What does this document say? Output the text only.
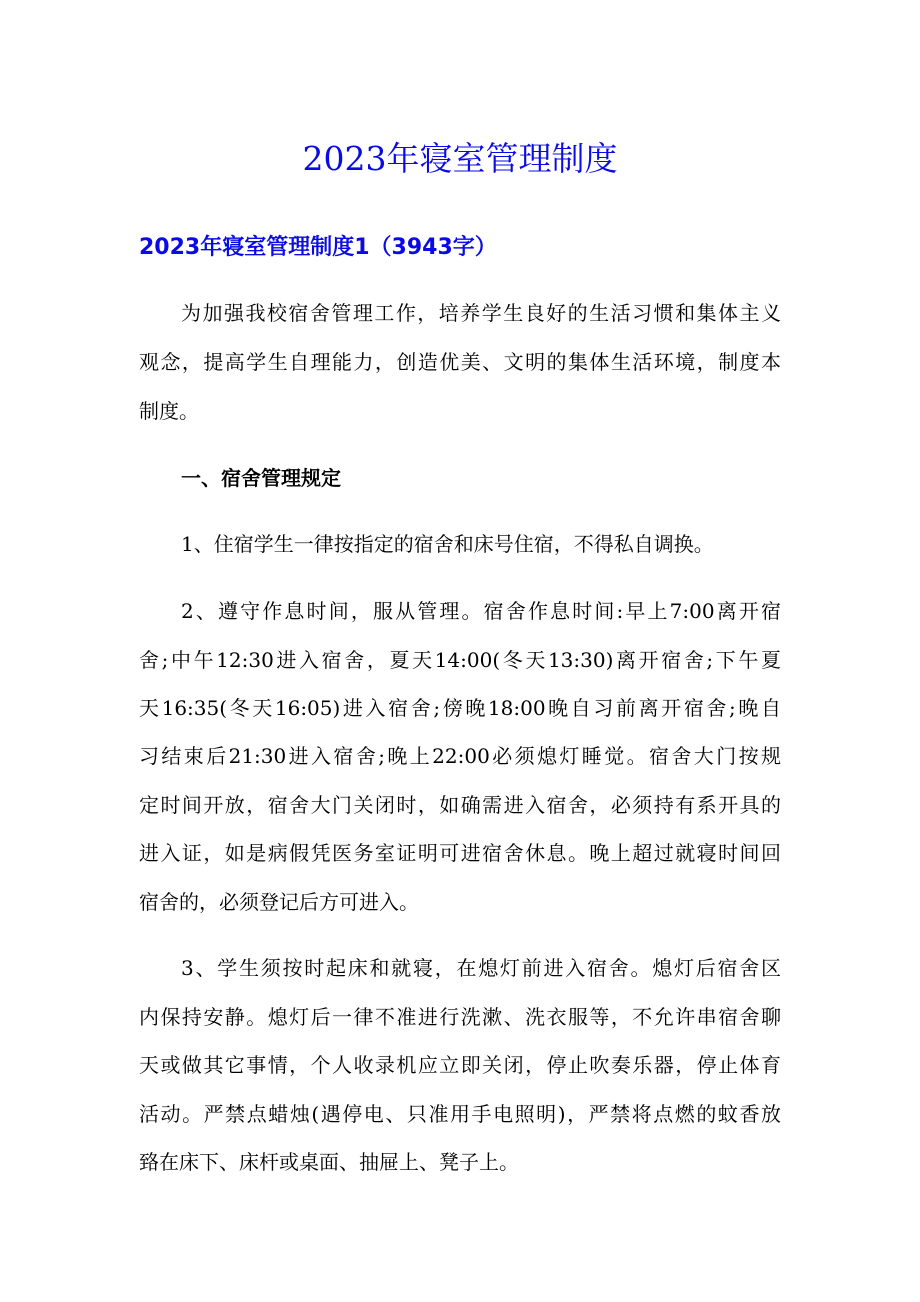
2023年寝室管理制度
2023年寝室管理制度1（3943字）

为加强我校宿舍管理工作，培养学生良好的生活习惯和集体主义

观念，提高学生自理能力，创造优美、文明的集体生活环境，制度本

制度。

一、宿舍管理规定

1、住宿学生一律按指定的宿舍和床号住宿，不得私自调换。

2、遵守作息时间，服从管理。宿舍作息时间:早上7:00离开宿

舍;中午12:30进入宿舍，夏天14:00(冬天13:30)离开宿舍;下午夏

天16:35(冬天16:05)进入宿舍;傍晚18:00晚自习前离开宿舍;晚自

习结束后21:30进入宿舍;晚上22:00必须熄灯睡觉。宿舍大门按规

定时间开放，宿舍大门关闭时，如确需进入宿舍，必须持有系开具的

进入证，如是病假凭医务室证明可进宿舍休息。晚上超过就寝时间回

宿舍的，必须登记后方可进入。

3、学生须按时起床和就寝，在熄灯前进入宿舍。熄灯后宿舍区

内保持安静。熄灯后一律不准进行洗漱、洗衣服等，不允许串宿舍聊

天或做其它事情，个人收录机应立即关闭，停止吹奏乐器，停止体育

活动。严禁点蜡烛(遇停电、只准用手电照明)，严禁将点燃的蚊香放

臵在床下、床杆或桌面、抽屉上、凳子上。
